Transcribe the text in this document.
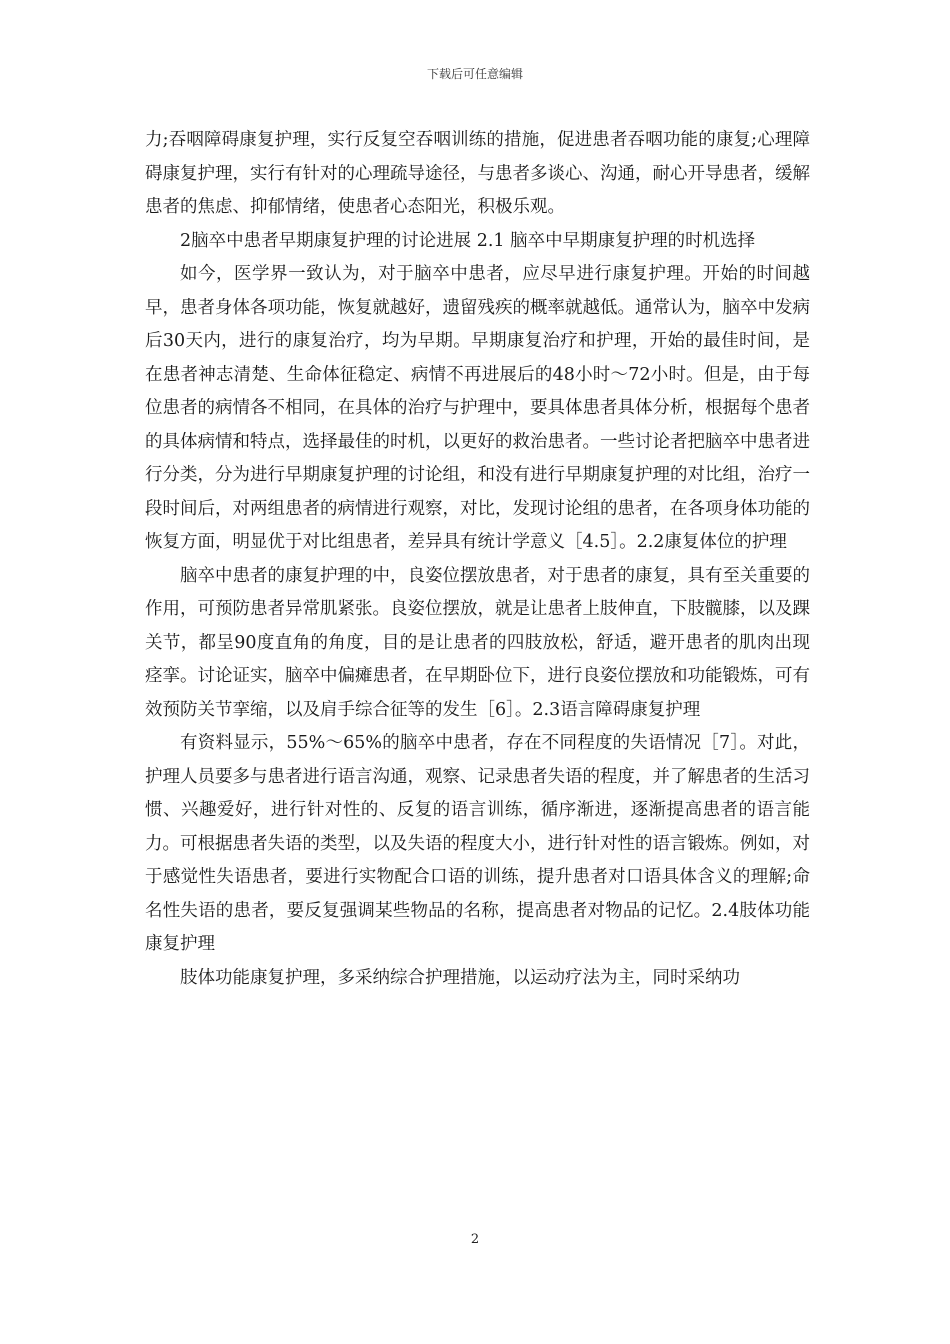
下载后可任意编辑

力;吞咽障碍康复护理，实行反复空吞咽训练的措施，促进患者吞咽功能的康复;心理障碍康复护理，实行有针对的心理疏导途径，与患者多谈心、沟通，耐心开导患者，缓解患者的焦虑、抑郁情绪，使患者心态阳光，积极乐观。

2脑卒中患者早期康复护理的讨论进展 2.1 脑卒中早期康复护理的时机选择

如今，医学界一致认为，对于脑卒中患者，应尽早进行康复护理。开始的时间越早，患者身体各项功能，恢复就越好，遗留残疾的概率就越低。通常认为，脑卒中发病后30天内，进行的康复治疗，均为早期。早期康复治疗和护理，开始的最佳时间，是在患者神志清楚、生命体征稳定、病情不再进展后的48小时～72小时。但是，由于每位患者的病情各不相同，在具体的治疗与护理中，要具体患者具体分析，根据每个患者的具体病情和特点，选择最佳的时机，以更好的救治患者。一些讨论者把脑卒中患者进行分类，分为进行早期康复护理的讨论组，和没有进行早期康复护理的对比组，治疗一段时间后，对两组患者的病情进行观察，对比，发现讨论组的患者，在各项身体功能的恢复方面，明显优于对比组患者，差异具有统计学意义［4.5］。2.2康复体位的护理

脑卒中患者的康复护理的中，良姿位摆放患者，对于患者的康复，具有至关重要的作用，可预防患者异常肌紧张。良姿位摆放，就是让患者上肢伸直，下肢髋膝，以及踝关节，都呈90度直角的角度，目的是让患者的四肢放松，舒适，避开患者的肌肉出现痉挛。讨论证实，脑卒中偏瘫患者，在早期卧位下，进行良姿位摆放和功能锻炼，可有效预防关节挛缩，以及肩手综合征等的发生［6］。2.3语言障碍康复护理

有资料显示，55%～65%的脑卒中患者，存在不同程度的失语情况［7］。对此，护理人员要多与患者进行语言沟通，观察、记录患者失语的程度，并了解患者的生活习惯、兴趣爱好，进行针对性的、反复的语言训练，循序渐进，逐渐提高患者的语言能力。可根据患者失语的类型，以及失语的程度大小，进行针对性的语言锻炼。例如，对于感觉性失语患者，要进行实物配合口语的训练，提升患者对口语具体含义的理解;命名性失语的患者，要反复强调某些物品的名称，提高患者对物品的记忆。2.4肢体功能康复护理

肢体功能康复护理，多采纳综合护理措施，以运动疗法为主，同时采纳功

2
